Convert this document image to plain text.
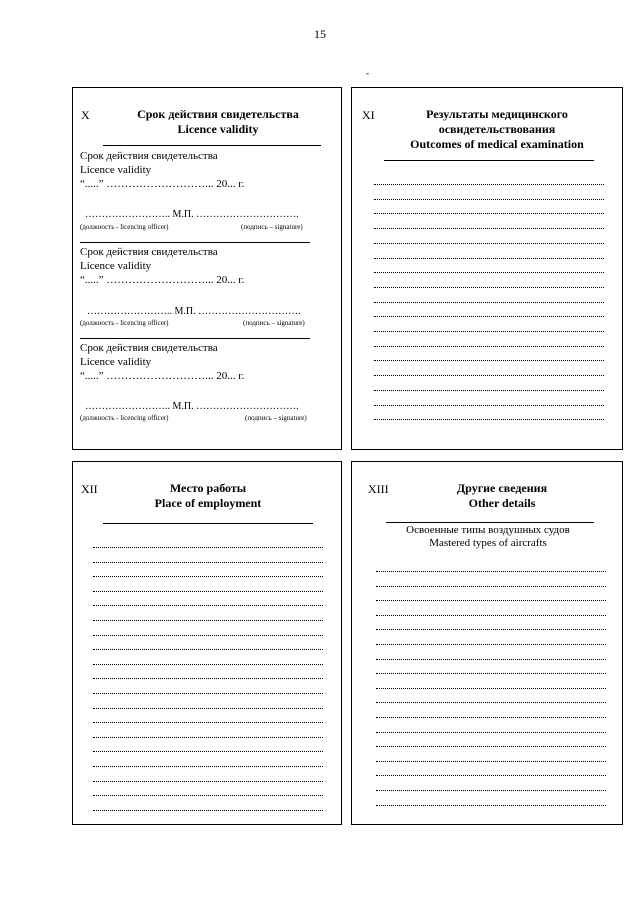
15
-
X	Срок действия свидетельства
Licence validity
Срок действия свидетельства
Licence validity
“.....” ………………………... 20... г.
…………………….. М.П. ………………………….
(должность - licencing officer)	(подпись – signature)
Срок действия свидетельства
Licence validity
“.....” ………………………... 20... г.
…………………….. М.П. ………………………….
(должность - licencing officer)	(подпись – signature)
Срок действия свидетельства
Licence validity
“.....” ………………………... 20... г.
…………………….. М.П. ………………………….
(должность - licencing officer)	(подпись – signature)
XI	Результаты медицинского
освидетельствования
Outcomes of medical examination
XII	Место работы
Place of employment
XIII	Другие сведения
Other details
Освоенные типы воздушных судов
Mastered types of aircrafts
